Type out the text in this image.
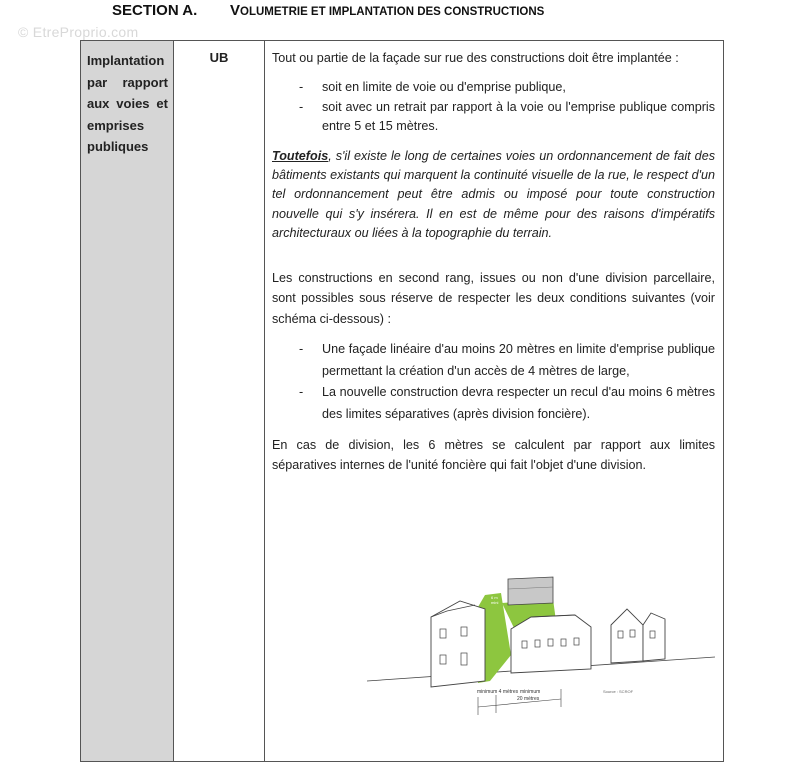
© EtreProprio.com
SECTION A. VOLUMETRIE ET IMPLANTATION DES CONSTRUCTIONS
Implantation par rapport aux voies et emprises publiques
UB	Tout ou partie de la façade sur rue des constructions doit être implantée :

- soit en limite de voie ou d'emprise publique,

- soit avec un retrait par rapport à la voie ou l'emprise publique compris entre 5 et 15 mètres.

Toutefois, s'il existe le long de certaines voies un ordonnancement de fait des bâtiments existants qui marquent la continuité visuelle de la rue, le respect d'un tel ordonnancement peut être admis ou imposé pour toute construction nouvelle qui s'y insérera. Il en est de même pour des raisons d'impératifs architecturaux ou liées à la topographie du terrain.

Les constructions en second rang, issues ou non d'une division parcellaire, sont possibles sous réserve de respecter les deux conditions suivantes (voir schéma ci-dessous) :

- Une façade linéaire d'au moins 20 mètres en limite d'emprise publique permettant la création d'un accès de 4 mètres de large,

- La nouvelle construction devra respecter un recul d'au moins 6 mètres des limites séparatives (après division foncière).

En cas de division, les 6 mètres se calculent par rapport aux limites séparatives internes de l'unité foncière qui fait l'objet d'une division.

minimum 4 mètres minimum
20 mètres
6 m
mini
Source : SCROF
